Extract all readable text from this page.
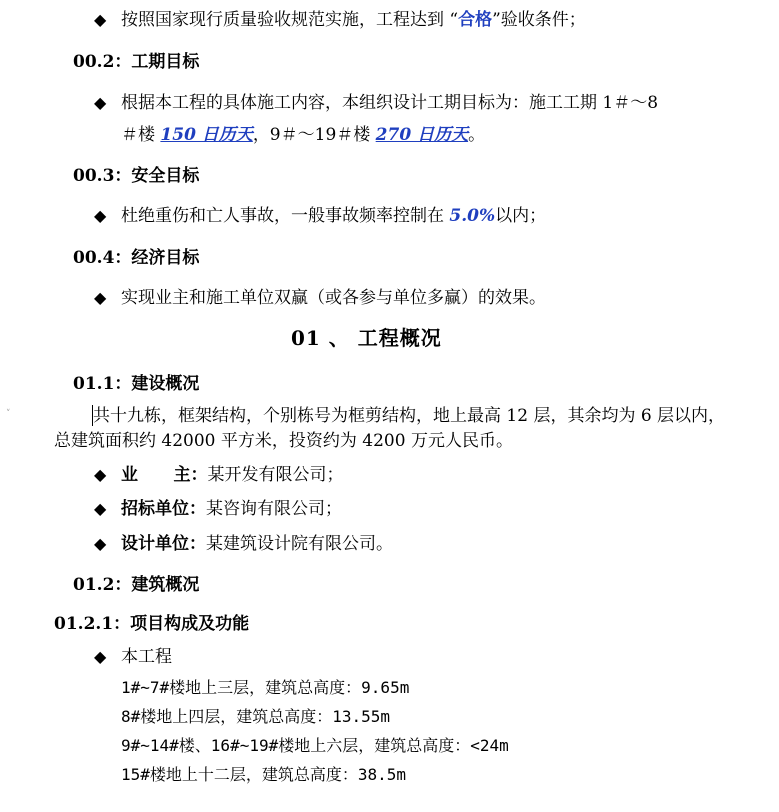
◆ 按照国家现行质量验收规范实施，工程达到 “合格”验收条件；
00.2：工期目标
◆ 根据本工程的具体施工内容，本组织设计工期目标为：施工工期 1＃～8
＃楼 150 日历天，9＃～19＃楼 270 日历天。
00.3：安全目标
◆ 杜绝重伤和亡人事故，一般事故频率控制在 5.0%以内；
00.4：经济目标
◆ 实现业主和施工单位双赢（或各参与单位多赢）的效果。
01 、 工程概况
01.1：建设概况
˅	共十九栋，框架结构，个别栋号为框剪结构，地上最高 12 层，其余均为 6 层以内，
总建筑面积约 42000 平方米，投资约为 4200 万元人民币。
◆ 业      主：某开发有限公司；
◆ 招标单位：某咨询有限公司；
◆ 设计单位：某建筑设计院有限公司。
01.2：建筑概况
01.2.1：项目构成及功能
◆ 本工程
1#~7#楼地上三层，建筑总高度：9.65m
8#楼地上四层，建筑总高度：13.55m
9#~14#楼、16#~19#楼地上六层，建筑总高度：<24m
15#楼地上十二层，建筑总高度：38.5m
